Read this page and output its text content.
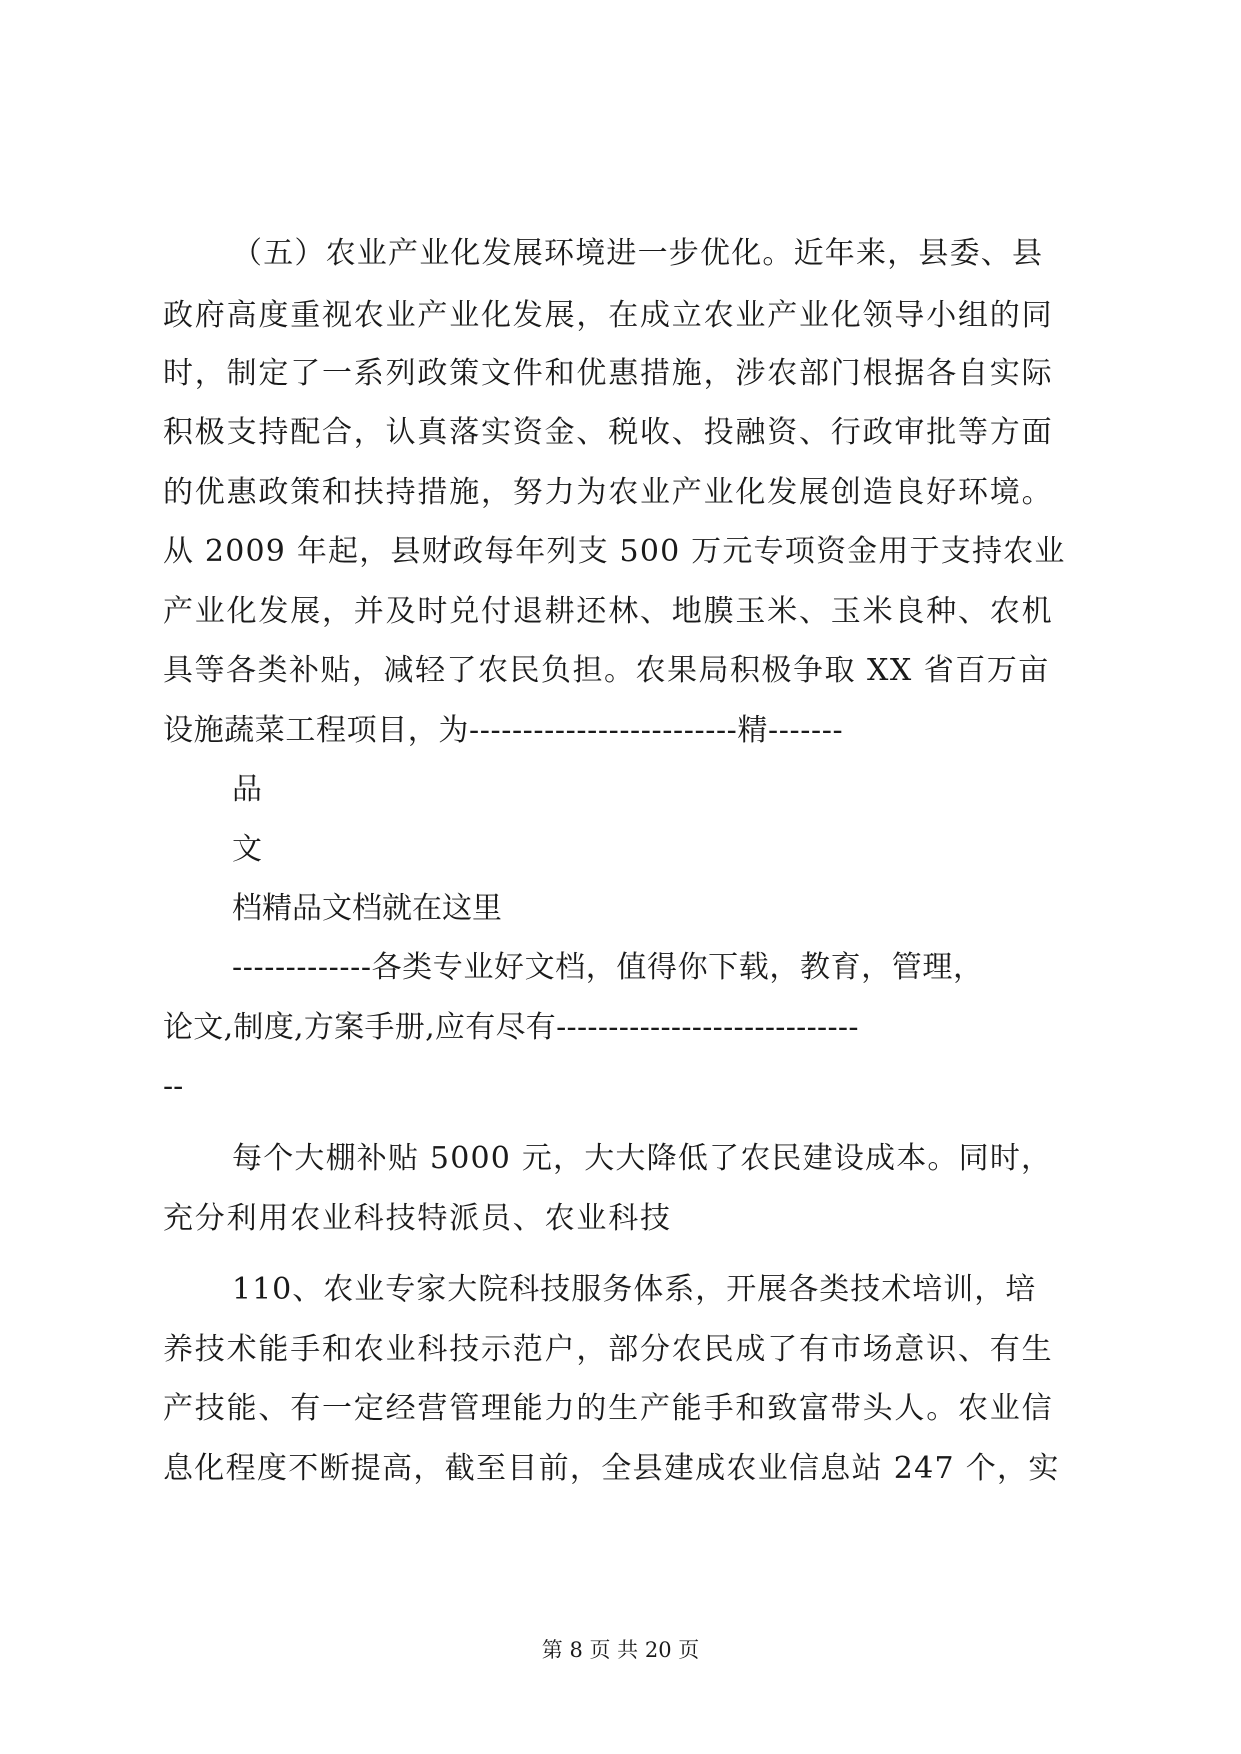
（五）农业产业化发展环境进一步优化。近年来，县委、县
政府高度重视农业产业化发展，在成立农业产业化领导小组的同
时，制定了一系列政策文件和优惠措施，涉农部门根据各自实际
积极支持配合，认真落实资金、税收、投融资、行政审批等方面
的优惠政策和扶持措施，努力为农业产业化发展创造良好环境。
从 2009 年起，县财政每年列支 500 万元专项资金用于支持农业
产业化发展，并及时兑付退耕还林、地膜玉米、玉米良种、农机
具等各类补贴，减轻了农民负担。农果局积极争取 XX 省百万亩
设施蔬菜工程项目，为-------------------------精-------
品
文
档精品文档就在这里
-------------各类专业好文档，值得你下载，教育，管理，
论文,制度,方案手册,应有尽有-----------------------------
--
每个大棚补贴 5000 元，大大降低了农民建设成本。同时，
充分利用农业科技特派员、农业科技
110、农业专家大院科技服务体系，开展各类技术培训，培
养技术能手和农业科技示范户，部分农民成了有市场意识、有生
产技能、有一定经营管理能力的生产能手和致富带头人。农业信
息化程度不断提高，截至目前，全县建成农业信息站 247 个，实
第 8 页 共 20 页
